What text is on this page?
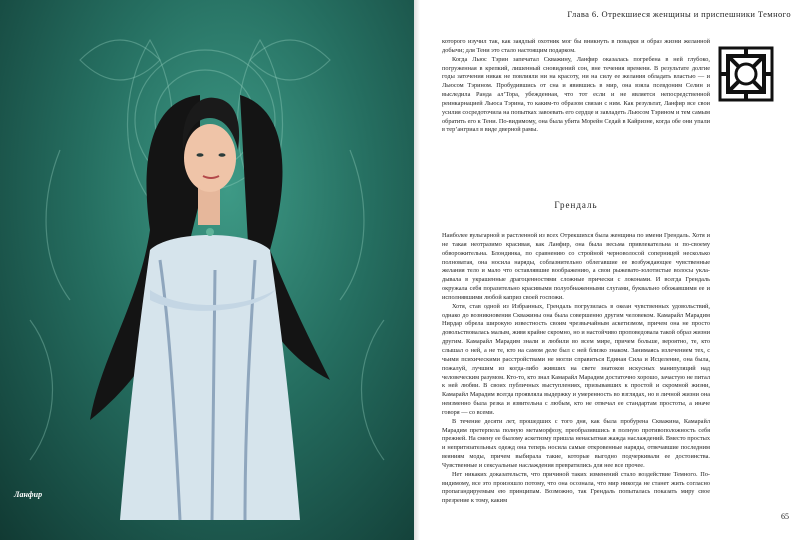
Ланфир
Глава 6. Отрекшиеся женщины и приспешники Темного

которого изучил так, как заядлый охотник мог бы вникнуть в повадки и образ жизни желанной добычи; для Тени это стало настоящим подарком.

Когда Льюс Тэрин запечатал Скважину, Ланфир оказалась погребена в ней глубоко, погруженная в крепкий, лишенный сновидений сон, вне течения времени. В результате долгие годы заточения никак не повлияли ни на красоту, ни на силу ее желания обладать властью — и Льюсом Тэрином. Пробудившись от сна и явившись в мир, она взяла псевдоним Селин и выследила Ранда ал’Тора, убежденная, что тот если и не является непосредственной реинкарнацией Льюса Тэрина, то каким-то образом связан с ним. Как результат, Ланфир все свои усилия сосредоточила на попытках завоевать его сердце и завладеть Льюсом Тэрином и тем самым обратить его к Тени. По-видимому, она была убита Морейн Седай в Кайризне, когда обе они упали в тер’ангриал в виде дверной рамы.

Грендаль

Наиболее вульгарной и растленной из всех Отрекшихся была женщина по имени Грендаль. Хотя и не такая неотразимо красивая, как Ланфир, она была весьма привлекательна и по-своему обворожительна. Блондинка, по сравнению со стройной черноволосой соперницей несколько полноватая, она носила наряды, соблазнительно облегавшие ее возбуждающее чувственные желания тело и мало что оставлявшие воображению, а свои рыжевато-золотистые волосы укладывала в украшенные драгоценностями сложные прически с локонами. И всегда Грендаль окружала себя поразительно красивыми полуобнаженными слугами, буквально обожавшими ее и исполнявшими любой каприз своей госпожи.

Хотя, став одной из Избранных, Грендаль погрузилась в океан чувственных удовольствий, однако до возникновения Скважины она была совершенно другим человеком. Камарайл Марадим Нирдар обрела широкую известность своим чрезвычайным аскетизмом, причем она не просто довольствовалась малым, живя крайне скромно, но и настойчиво проповедовала такой образ жизни другим. Камарайл Марадим знали и любили во всем мире, причем больше, вероятно, те, кто слышал о ней, а не те, кто на самом деле был с ней близко знаком. Занимаясь излечением тех, с чьими психическими расстройствами не могли справиться Единая Сила и Исцеление, она была, пожалуй, лучшим из когда-либо живших на свете знатоков искусных манипуляций над человеческим разумом. Кто-то, кто знал Камарайл Марадим достаточно хорошо, зачастую не питал к ней любви. В своих публичных выступлениях, призывавших к простой и скромной жизни, Камарайл Марадим всегда проявляла выдержку и умеренность во взглядах, но в личной жизни она неизменно была резка и язвительна с любым, кто не отвечал ее стандартам простоты, а иначе говоря — со всеми.

В течение десяти лет, прошедших с того дня, как была пробурена Скважина, Камарайл Марадим претерпела полную метаморфозу, преобразившись в полную противоположность себя прежней. На смену ее былому аскетизму пришла ненасытная жажда наслаждений. Вместо простых и непритязательных одежд она теперь носила самые откровенные наряды, отвечавшие последним веяниям моды, причем выбирала такие, которые выгодно подчеркивали ее достоинства. Чувственные и сексуальные наслаждения превратились для нее все прочее.

Нет никаких доказательств, что причиной таких изменений стало воздействие Темного. По-видимому, все это произошло потому, что она осознала, что мир никогда не станет жить согласно пропагандируемым ею принципам. Возможно, так Грендаль попыталась показать миру свое презрение к тому, каким

65
